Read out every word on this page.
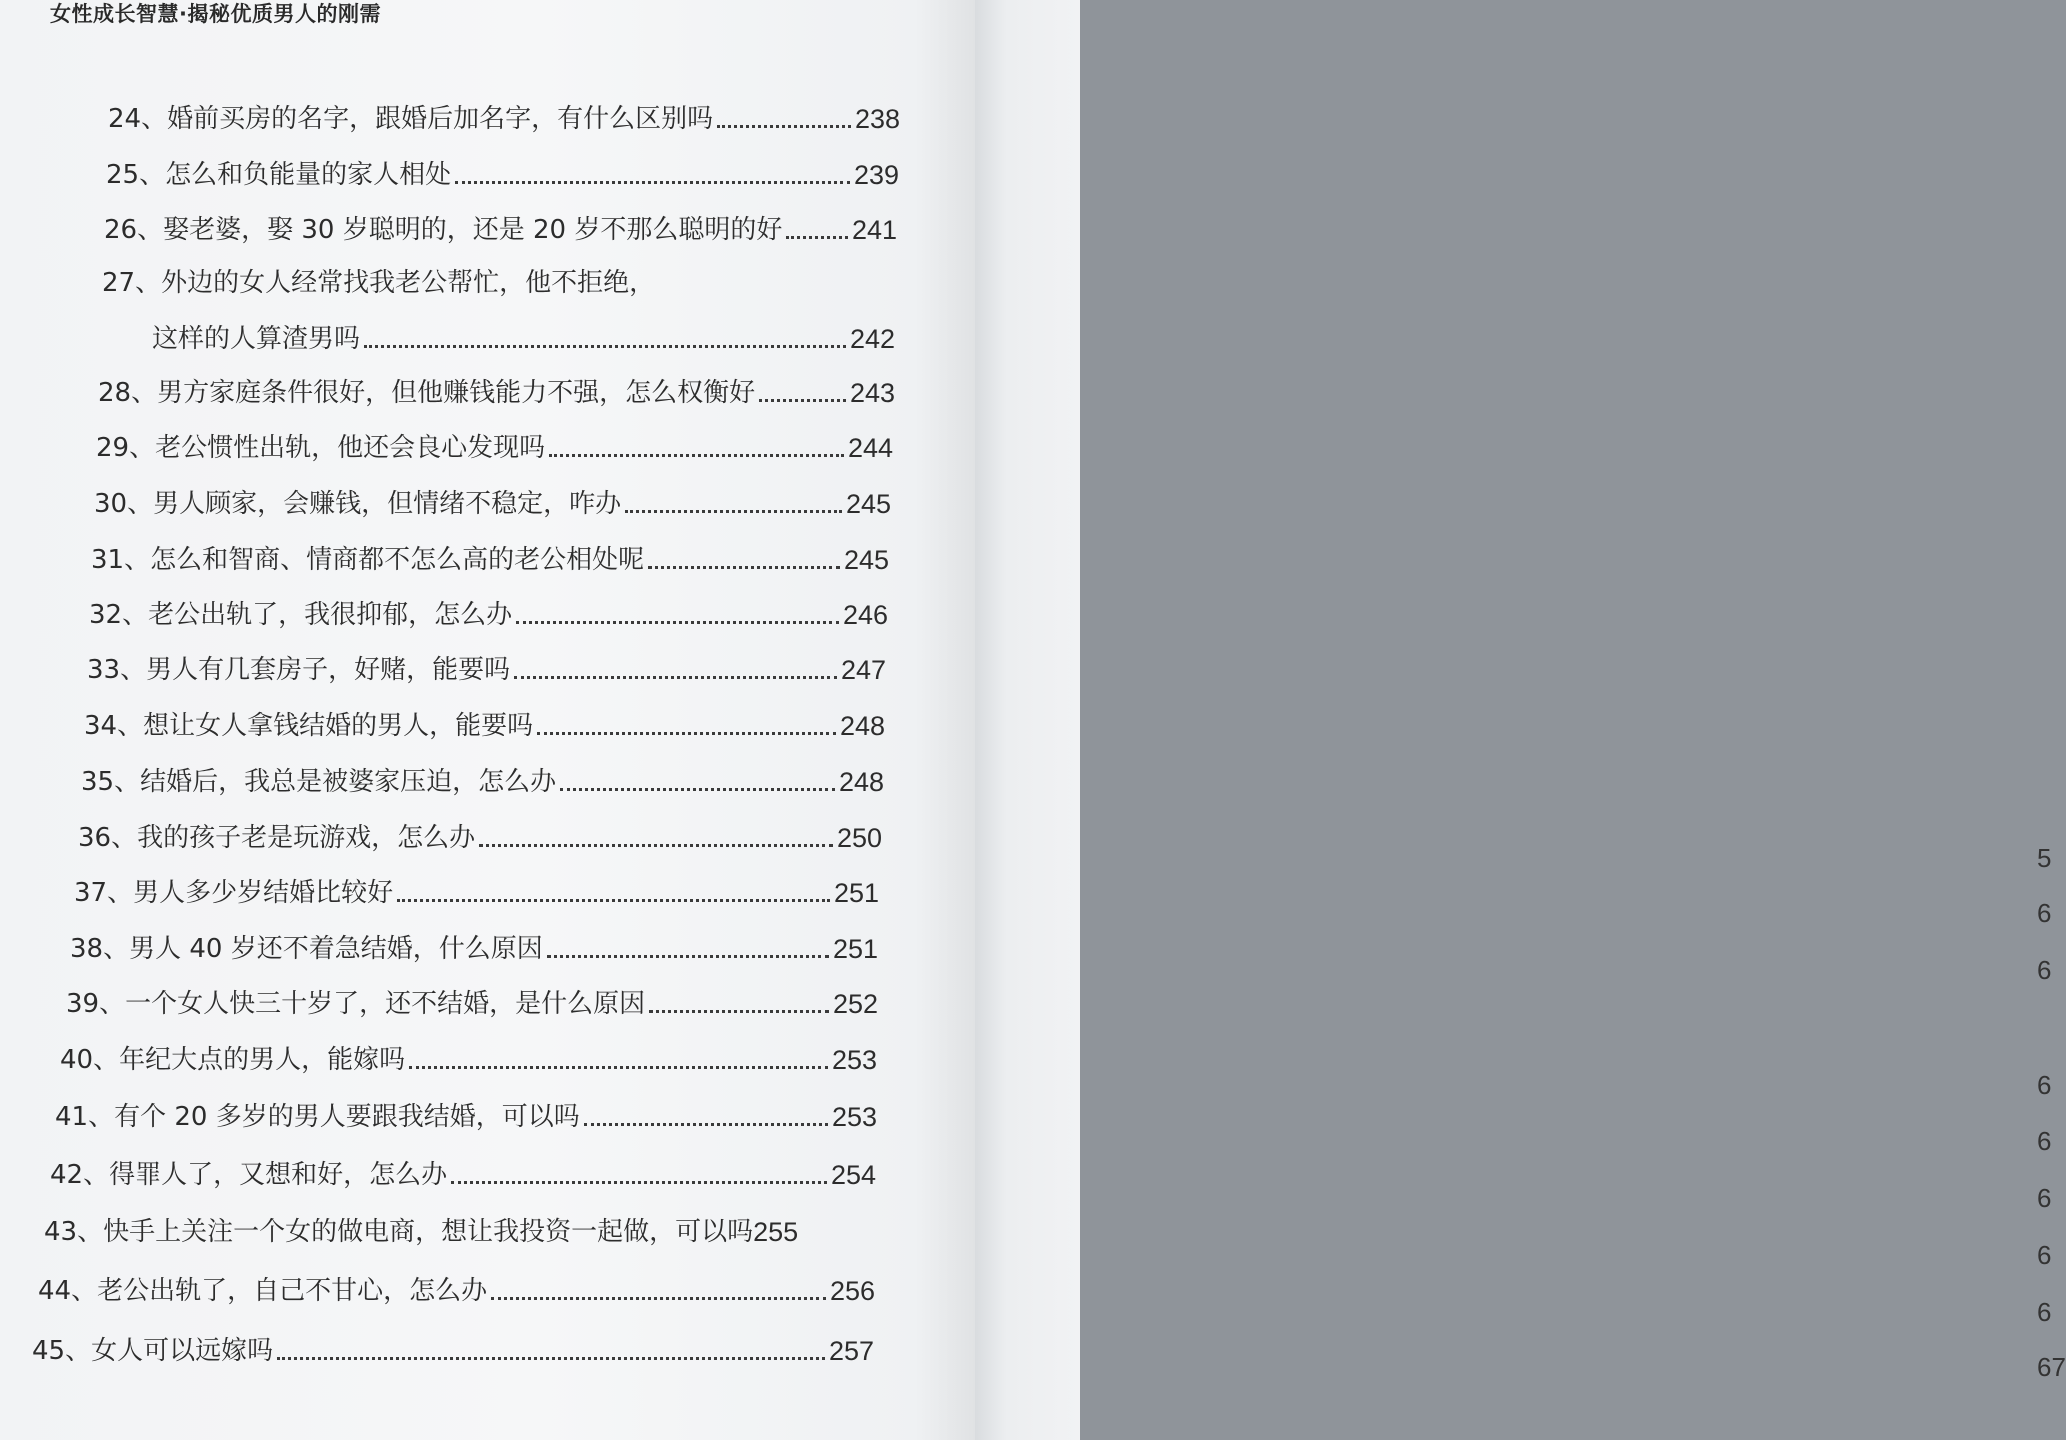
5
6
6
6
6
6
6
6
67
女性成长智慧·揭秘优质男人的刚需
24、 婚前买房的名字，跟婚后加名字，有什么区别吗	238
25、 怎么和负能量的家人相处	239
26、 娶老婆，娶 30 岁聪明的，还是 20 岁不那么聪明的好	241
27、外边的女人经常找我老公帮忙，他不拒绝，
这样的人算渣男吗	242
28、 男方家庭条件很好，但他赚钱能力不强，怎么权衡好	243
29、 老公惯性出轨，他还会良心发现吗	244
30、 男人顾家，会赚钱，但情绪不稳定，咋办	245
31、 怎么和智商、情商都不怎么高的老公相处呢	245
32、 老公出轨了，我很抑郁，怎么办	246
33、 男人有几套房子，好赌，能要吗	247
34、 想让女人拿钱结婚的男人，能要吗	248
35、 结婚后，我总是被婆家压迫，怎么办	248
36、 我的孩子老是玩游戏，怎么办	250
37、 男人多少岁结婚比较好	251
38、 男人 40 岁还不着急结婚，什么原因	251
39、 一个女人快三十岁了，还不结婚，是什么原因	252
40、 年纪大点的男人，能嫁吗	253
41、 有个 20 多岁的男人要跟我结婚，可以吗	253
42、 得罪人了，又想和好，怎么办	254
43、 快手上关注一个女的做电商，想让我投资一起做，可以吗 255
44、 老公出轨了，自己不甘心，怎么办	256
45、 女人可以远嫁吗	257
